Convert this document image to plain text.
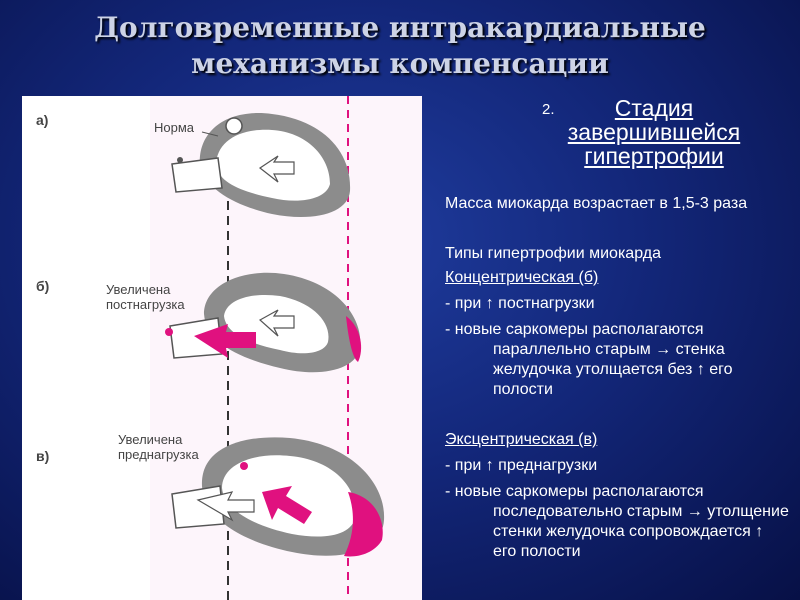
Долговременные интракардиальные
механизмы компенсации
а)
б)
в)
Норма
Увеличена
постнагрузка
Увеличена
преднагрузка
2.	Стадия завершившейся гипертрофии

Масса миокарда возрастает в 1,5-3 раза

Типы гипертрофии миокарда

Концентрическая (б)

- при ↑ постнагрузки

- новые саркомеры располагаются параллельно старым → стенка желудочка утолщается без ↑ его полости

Эксцентрическая (в)

- при ↑ преднагрузки

- новые саркомеры располагаются последовательно старым → утолщение стенки желудочка сопровождается ↑ его полости
